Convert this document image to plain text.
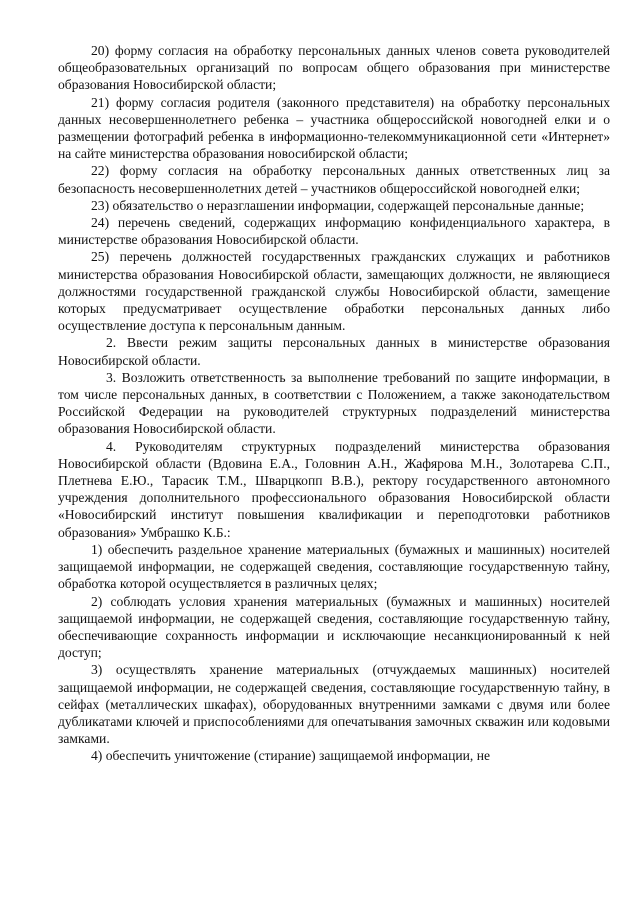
20) форму согласия на обработку персональных данных членов совета руководителей общеобразовательных организаций по вопросам общего образования при министерстве образования Новосибирской области;

21) форму согласия родителя (законного представителя) на обработку персональных данных несовершеннолетнего ребенка – участника общероссийской новогодней елки и о размещении фотографий ребенка в информационно-телекоммуникационной сети «Интернет» на сайте министерства образования новосибирской области;

22) форму согласия на обработку персональных данных ответственных лиц за безопасность несовершеннолетних детей – участников общероссийской новогодней елки;

23) обязательство о неразглашении информации, содержащей персональные данные;

24) перечень сведений, содержащих информацию конфиденциального характера, в министерстве образования Новосибирской области.

25) перечень должностей государственных гражданских служащих и работников министерства образования Новосибирской области, замещающих должности, не являющиеся должностями государственной гражданской службы Новосибирской области, замещение которых предусматривает осуществление обработки персональных данных либо осуществление доступа к персональным данным.

2. Ввести режим защиты персональных данных в министерстве образования Новосибирской области.

3. Возложить ответственность за выполнение требований по защите информации, в том числе персональных данных, в соответствии с Положением, а также законодательством Российской Федерации на руководителей структурных подразделений министерства образования Новосибирской области.

4. Руководителям структурных подразделений министерства образования Новосибирской области (Вдовина Е.А., Головнин А.Н., Жафярова М.Н., Золотарева С.П., Плетнева Е.Ю., Тарасик Т.М., Шварцкопп В.В.), ректору государственного автономного учреждения дополнительного профессионального образования Новосибирской области «Новосибирский институт повышения квалификации и переподготовки работников образования» Умбрашко К.Б.:

1) обеспечить раздельное хранение материальных (бумажных и машинных) носителей защищаемой информации, не содержащей сведения, составляющие государственную тайну, обработка которой осуществляется в различных целях;

2) соблюдать условия хранения материальных (бумажных и машинных) носителей защищаемой информации, не содержащей сведения, составляющие государственную тайну, обеспечивающие сохранность информации и исключающие несанкционированный к ней доступ;

3) осуществлять хранение материальных (отчуждаемых машинных) носителей защищаемой информации, не содержащей сведения, составляющие государственную тайну, в сейфах (металлических шкафах), оборудованных внутренними замками с двумя или более дубликатами ключей и приспособлениями для опечатывания замочных скважин или кодовыми замками.

4) обеспечить уничтожение (стирание) защищаемой информации, не
